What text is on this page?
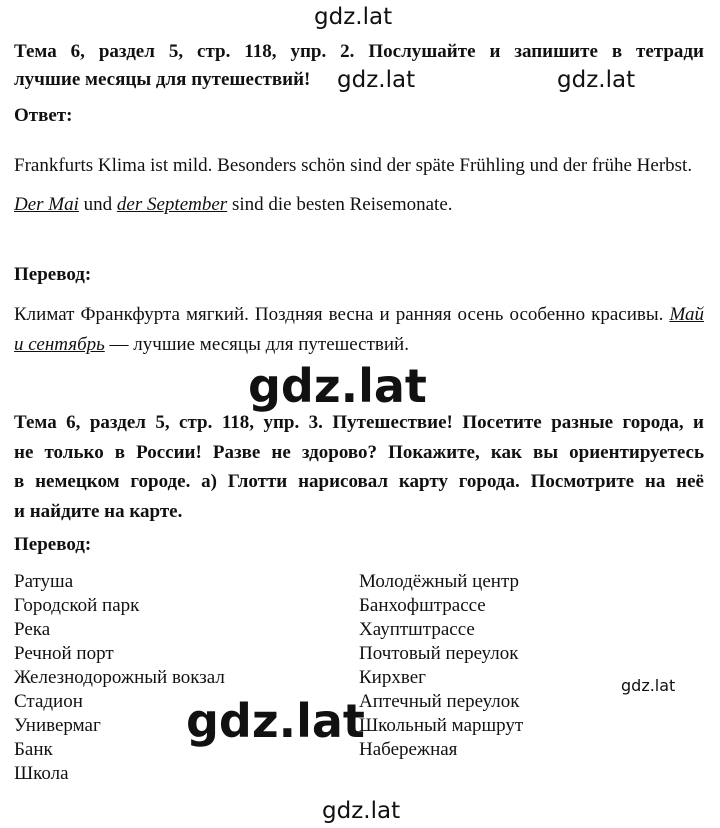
gdz.lat
Тема 6, раздел 5, стр. 118, упр. 2. Послушайте и запишите в тетради
лучшие месяцы для путешествий!	gdz.lat	gdz.lat
Ответ:
Frankfurts Klima ist mild. Besonders schön sind der späte Frühling und der frühe Herbst. Der Mai und der September sind die besten Reisemonate.
Перевод:
Климат Франкфурта мягкий. Поздняя весна и ранняя осень особенно красивы. Май и сентябрь — лучшие месяцы для путешествий.
gdz.lat
Тема 6, раздел 5, стр. 118, упр. 3. Путешествие! Посетите разные города, и
не только в России! Разве не здорово? Покажите, как вы ориентируетесь
в немецком городе. а) Глотти нарисовал карту города. Посмотрите на неё
и найдите на карте.
Перевод:
Ратуша
Городской парк
Река
Речной порт
Железнодорожный вокзал
Стадион
Универмаг
Банк
Школа
Молодёжный центр
Банхофштрассе
Хауптштрассе
Почтовый переулок
Кирхвег
Аптечный переулок
Школьный маршрут
Набережная
gdz.lat
gdz.lat
gdz.lat
